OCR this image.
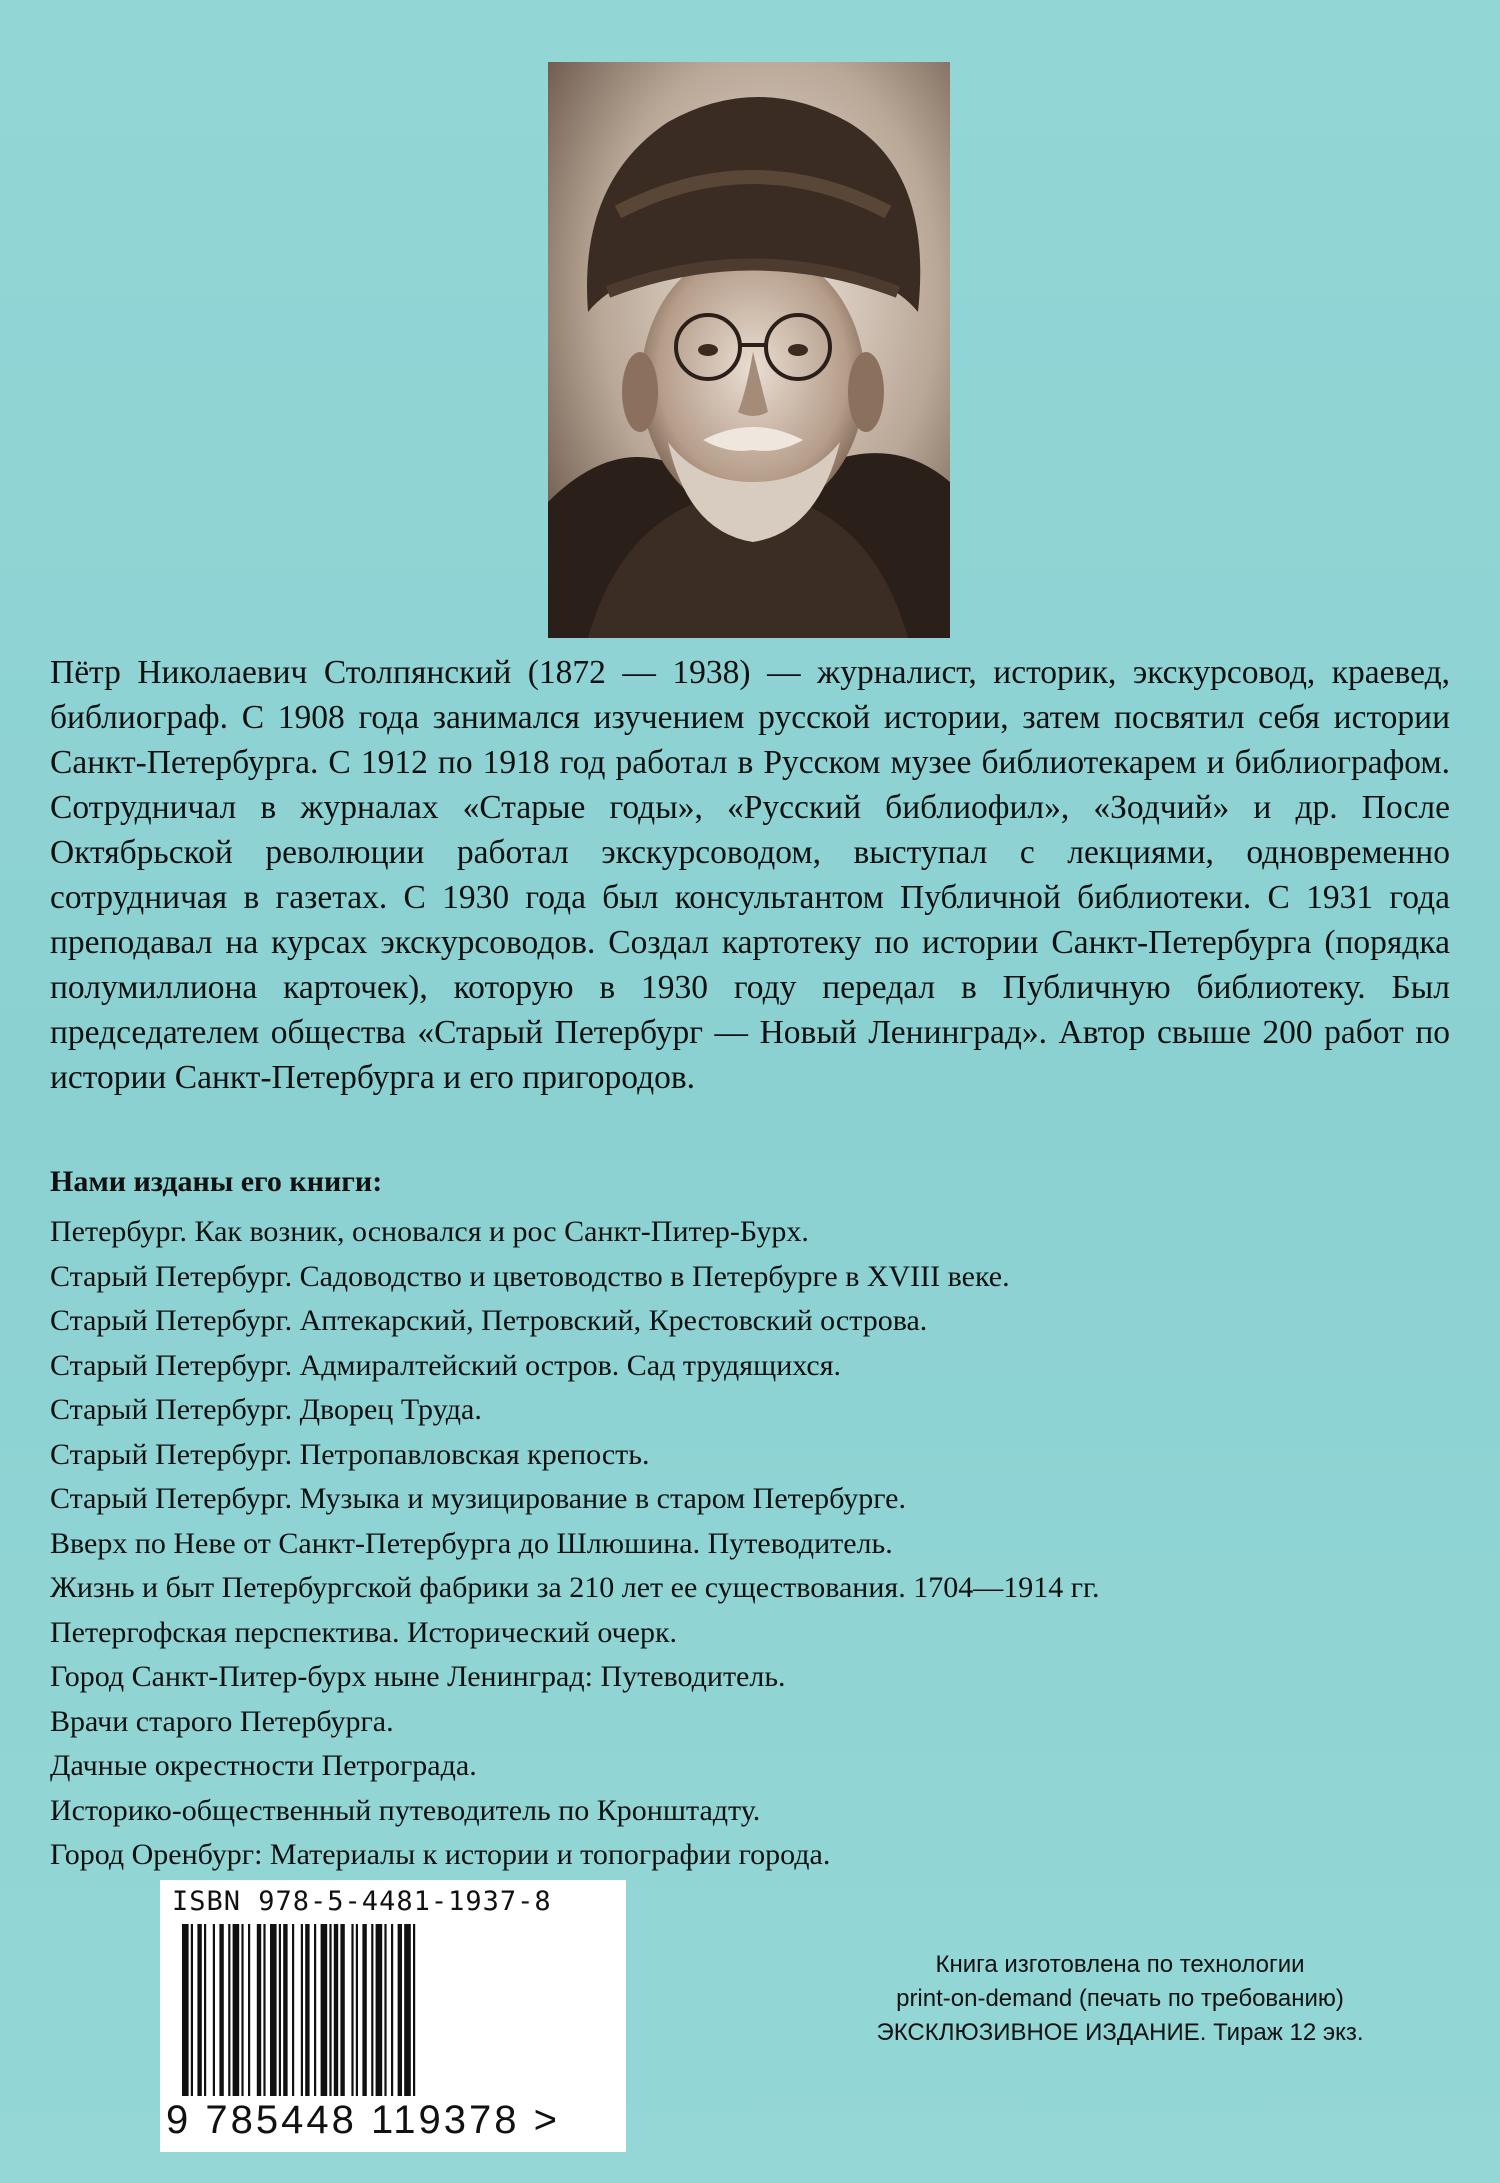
Пётр Николаевич Столпянский (1872 — 1938) — журналист, историк, экскурсовод, краевед, библиограф. С 1908 года занимался изучением русской истории, затем посвятил себя истории Санкт-Петербурга. С 1912 по 1918 год работал в Русском музее библиотекарем и библиографом. Сотрудничал в журналах «Старые годы», «Русский библиофил», «Зодчий» и др. После Октябрьской революции работал экскурсоводом, выступал с лекциями, одновременно сотрудничая в газетах. С 1930 года был консультантом Публичной библиотеки. С 1931 года преподавал на курсах экскурсоводов. Создал картотеку по истории Санкт-Петербурга (порядка полумиллиона карточек), которую в 1930 году передал в Публичную библиотеку. Был председателем общества «Старый Петербург — Новый Ленинград». Автор свыше 200 работ по истории Санкт-Петербурга и его пригородов.

Нами изданы его книги:

Петербург. Как возник, основался и рос Санкт-Питер-Бурх.
Старый Петербург. Садоводство и цветоводство в Петербурге в XVIII веке.
Старый Петербург. Аптекарский, Петровский, Крестовский острова.
Старый Петербург. Адмиралтейский остров. Сад трудящихся.
Старый Петербург. Дворец Труда.
Старый Петербург. Петропавловская крепость.
Старый Петербург. Музыка и музицирование в старом Петербурге.
Вверх по Неве от Санкт-Петербурга до Шлюшина. Путеводитель.
Жизнь и быт Петербургской фабрики за 210 лет ее существования. 1704—1914 гг.
Петергофская перспектива. Исторический очерк.
Город Санкт-Питер-бурх ныне Ленинград: Путеводитель.
Врачи старого Петербурга.
Дачные окрестности Петрограда.
Историко-общественный путеводитель по Кронштадту.
Город Оренбург: Материалы к истории и топографии города.
ISBN 978-5-4481-1937-8
9 785448 119378 >
Книга изготовлена по технологии
print-on-demand (печать по требованию)
ЭКСКЛЮЗИВНОЕ ИЗДАНИЕ. Тираж 12 экз.
